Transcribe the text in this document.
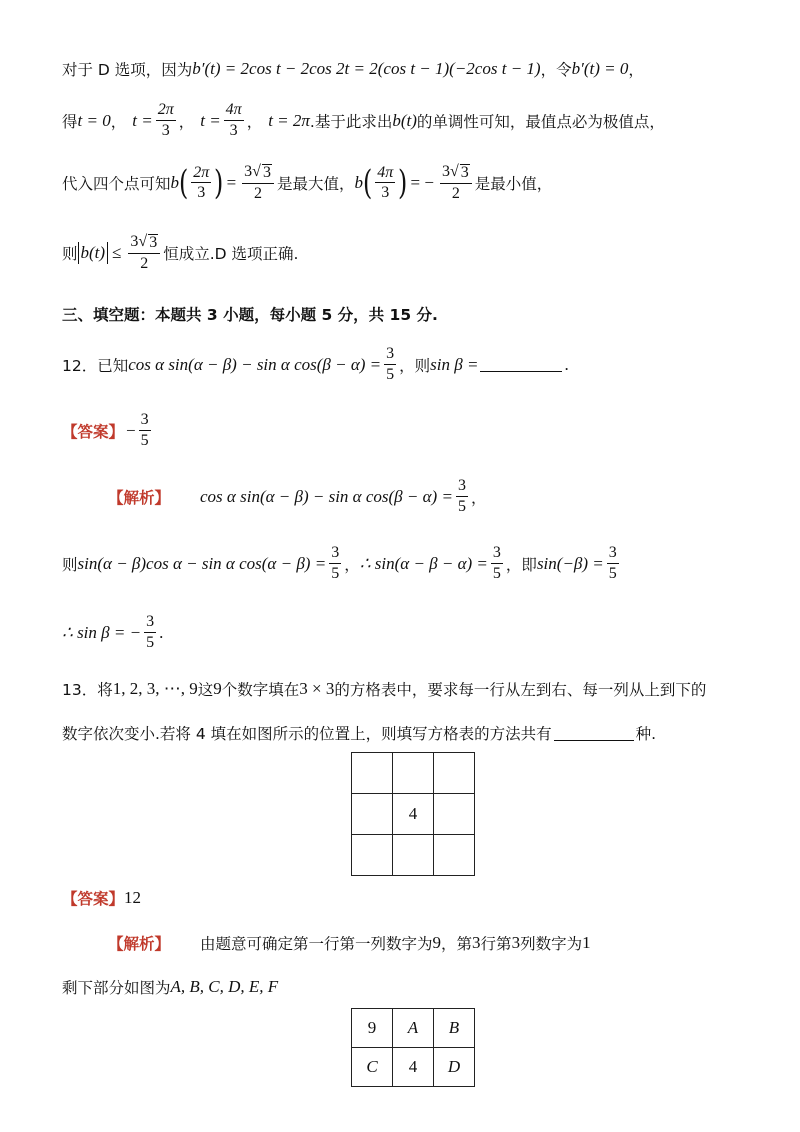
对于 D 选项，因为 b′(t) = 2cos t − 2cos 2t = 2(cos t − 1)(−2cos t − 1) ，令 b′(t) = 0 ，
得 t = 0 ， $t = \frac{2\pi}{3}$ ， $t = \frac{4\pi}{3}$ ， t = 2π .基于此求出 b(t) 的单调性可知，最值点必为极值点，
代入四个点可知 b ( $\frac{2\pi}{3}$ ) = $\frac{3 √ 3}{2}$ 是最大值， b ( $\frac{4\pi}{3}$ ) = − $\frac{3 √ 3}{2}$ 是最小值，
则 $b(t) \le \frac{3 √ 3}{2}$ 恒成立.D 选项正确.
三、填空题：本题共 3 小题，每小题 5 分，共 15 分.
12．已知 cos α sin(α − β) − sin α $\cos(\beta - \alpha) = \frac{3}{5}$ ，则 sin β =	.
【答案】 − $\frac{3}{5}$
【解析】 cos α sin(α − β) − sin α $\cos(\beta - \alpha) = \frac{3}{5}$ ，
则 sin(α − β)cos α − sin α $\cos(\alpha - \beta) = \frac{3}{5}$ ， ∴ $\sin(\alpha - \beta - \alpha) = \frac{3}{5}$ ，即 $\sin(-\beta) = \frac{3}{5}$
∴ sin β = − $\frac{3}{5}$ .
13．将 1, 2, 3, ⋯, 9 这 9 个数字填在 3 × 3 的方格表中，要求每一行从左到右、每一列从上到下的
数字依次变小.若将 4 填在如图所示的位置上，则填写方格表的方法共有	种.

	4	

【答案】 12
【解析】 由题意可确定第一行第一列数字为 9 ，第 3 行第 3 列数字为 1
剩下部分如图为 A, B, C, D, E, F
9	A	B
C	4	D
